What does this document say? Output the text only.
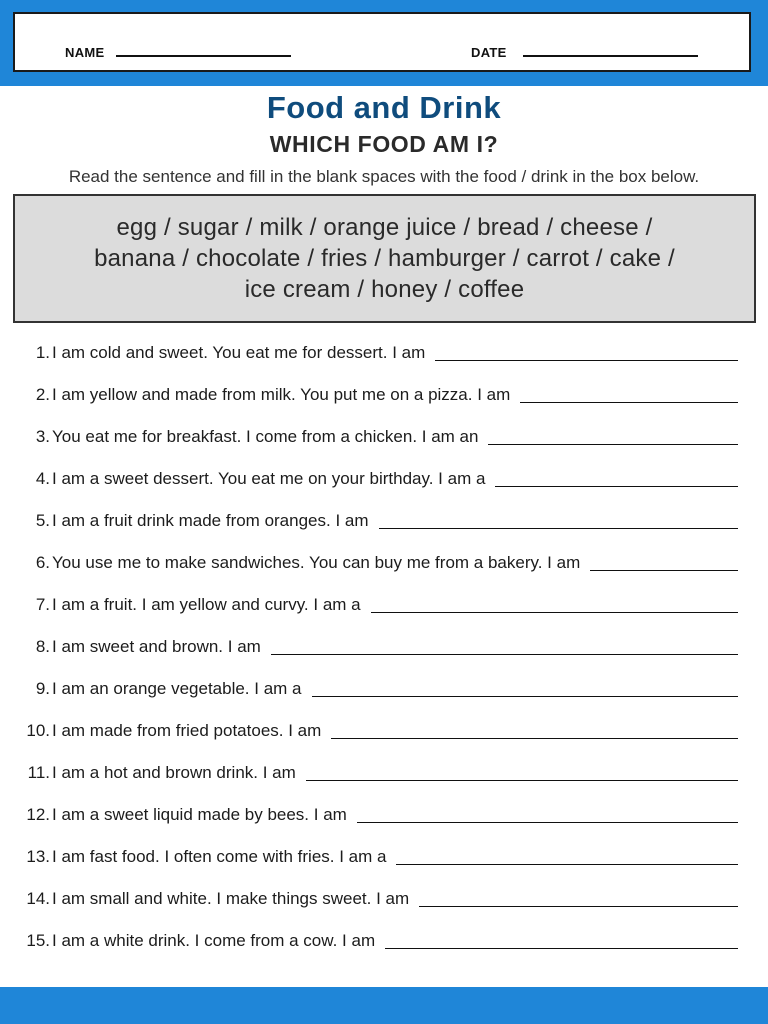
NAME	DATE
Food and Drink
WHICH FOOD AM I?
Read the sentence and fill in the blank spaces with the food / drink in the box below.
egg / sugar / milk / orange juice / bread / cheese /
banana / chocolate / fries / hamburger / carrot / cake /
ice cream / honey / coffee
1. I am cold and sweet. You eat me for dessert. I am
2. I am yellow and made from milk. You put me on a pizza. I am
3. You eat me for breakfast. I come from a chicken. I am an
4. I am a sweet dessert. You eat me on your birthday. I am a
5. I am a fruit drink made from oranges. I am
6. You use me to make sandwiches. You can buy me from a bakery. I am
7. I am a fruit. I am yellow and curvy. I am a
8. I am sweet and brown. I am
9. I am an orange vegetable. I am a
10. I am made from fried potatoes. I am
11. I am a hot and brown drink. I am
12. I am a sweet liquid made by bees. I am
13. I am fast food. I often come with fries. I am a
14. I am small and white. I make things sweet. I am
15. I am a white drink. I come from a cow. I am
